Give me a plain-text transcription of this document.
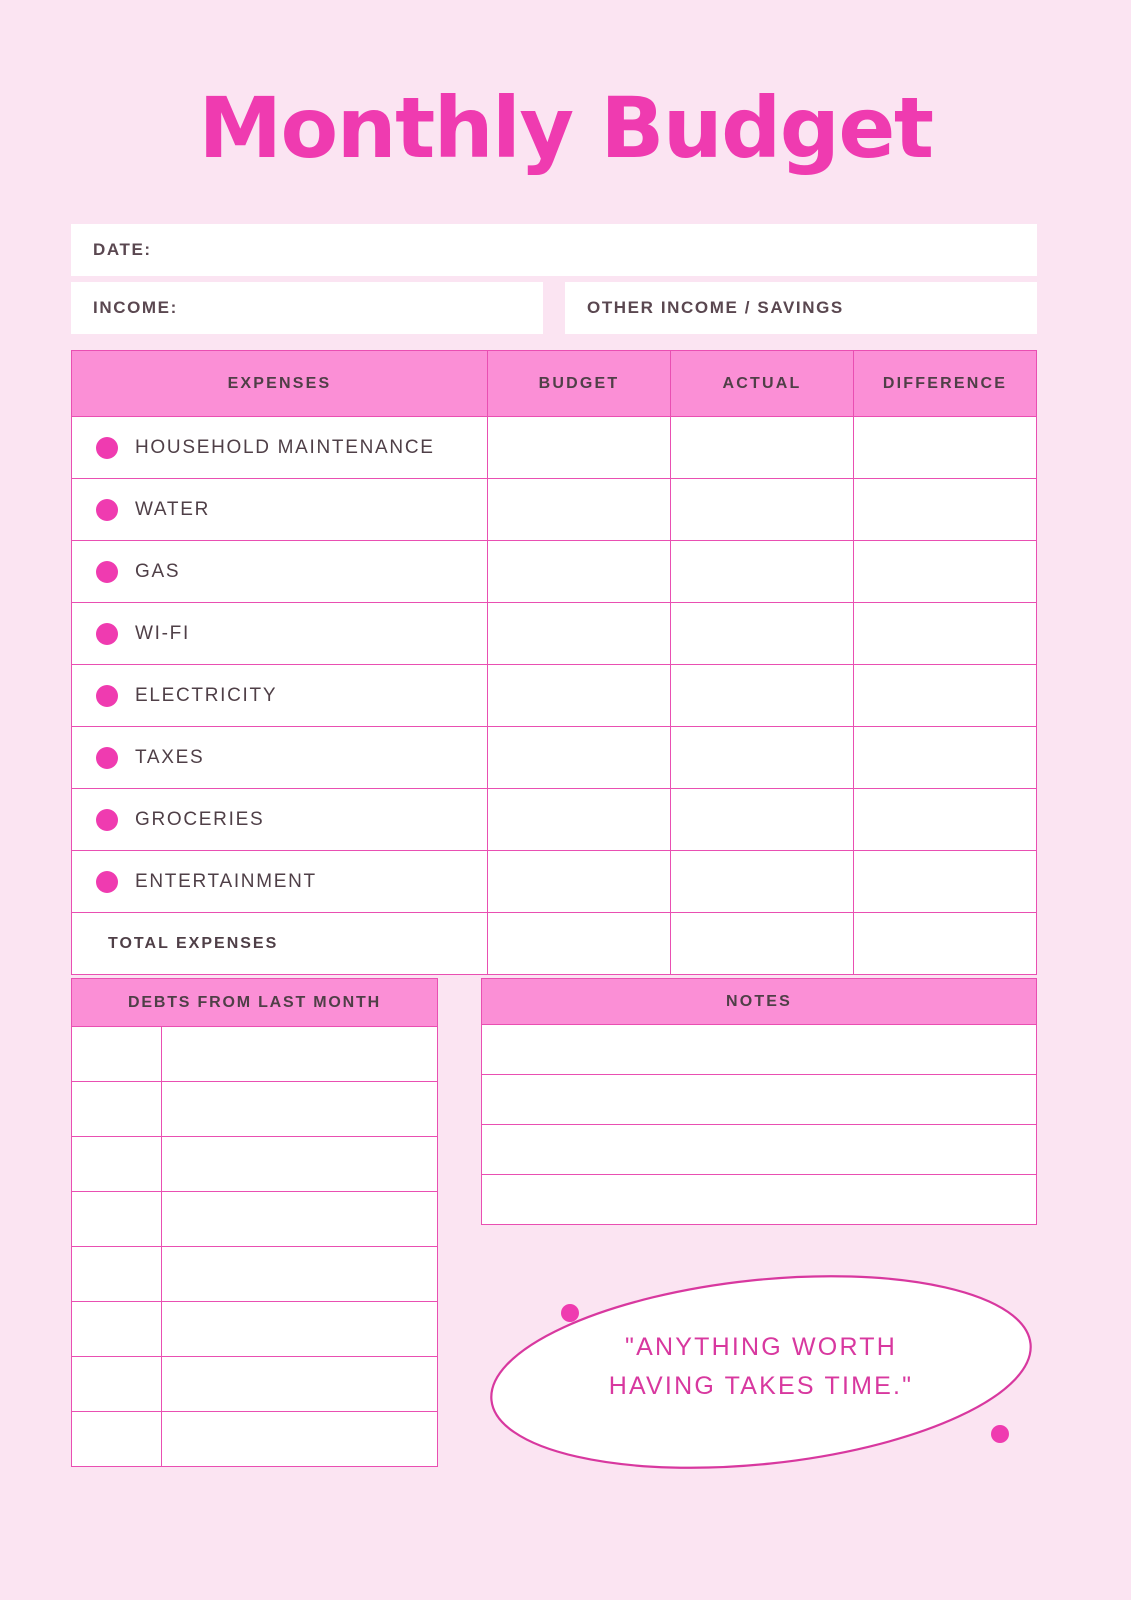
Monthly Budget
DATE:
INCOME:	OTHER INCOME / SAVINGS
EXPENSES	BUDGET	ACTUAL	DIFFERENCE

HOUSEHOLD MAINTENANCE			

WATER			

GAS			

WI-FI			

ELECTRICITY			

TAXES			

GROCERIES			

ENTERTAINMENT			

TOTAL EXPENSES			
DEBTS FROM LAST MONTH	

		NOTES

"ANYTHING WORTH
HAVING TAKES TIME."
